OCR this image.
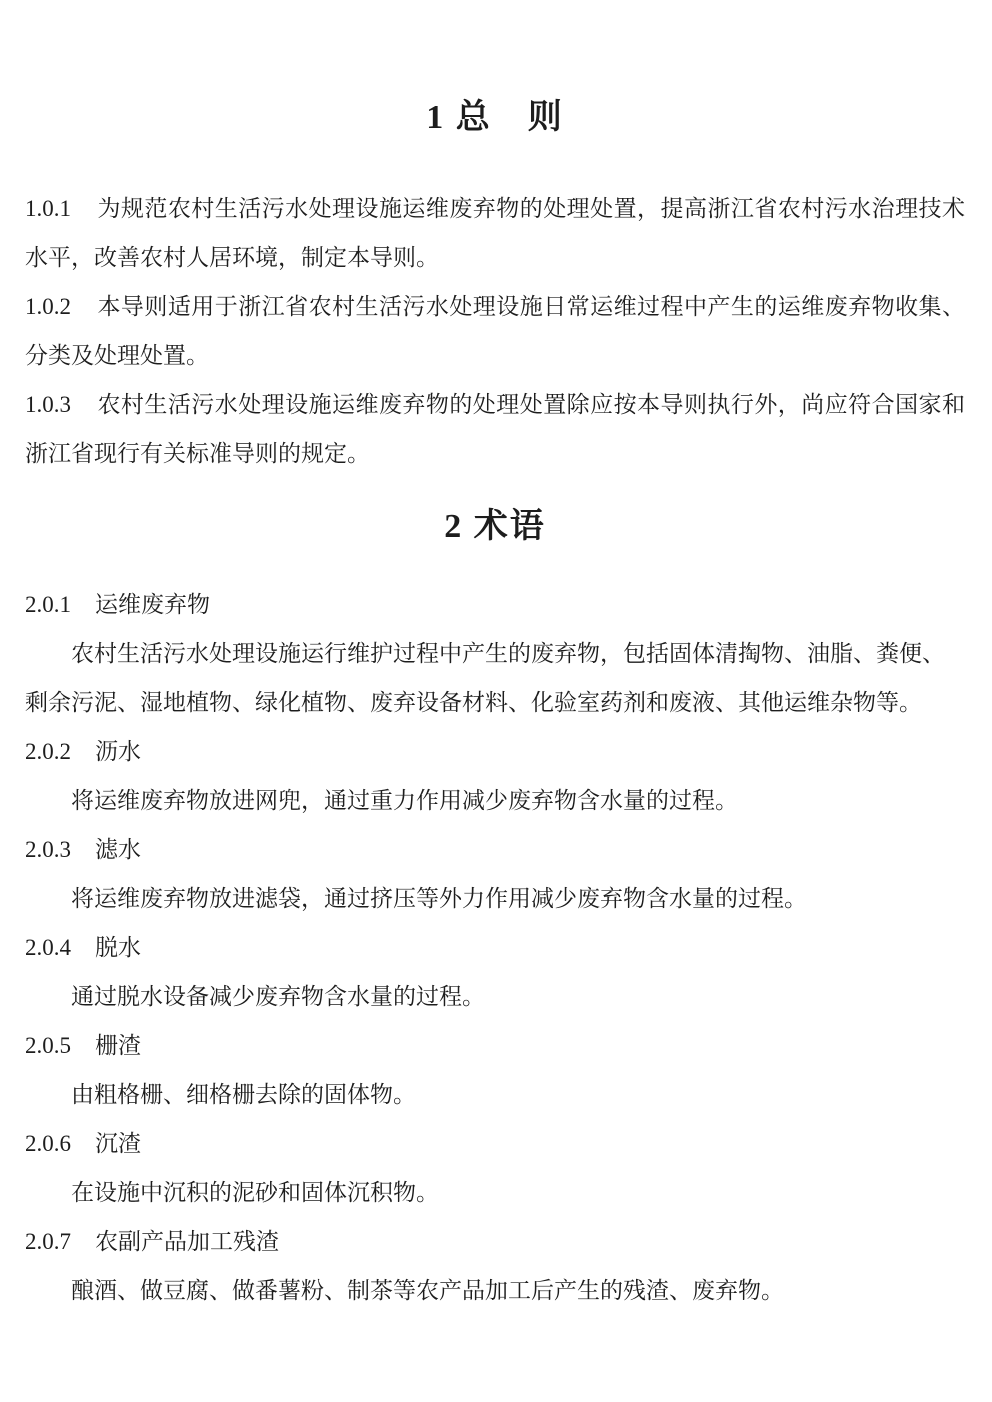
1 总　则

1.0.1 为规范农村生活污水处理设施运维废弃物的处理处置，提高浙江省农村污水治理技术水平，改善农村人居环境，制定本导则。

1.0.2 本导则适用于浙江省农村生活污水处理设施日常运维过程中产生的运维废弃物收集、分类及处理处置。

1.0.3 农村生活污水处理设施运维废弃物的处理处置除应按本导则执行外，尚应符合国家和浙江省现行有关标准导则的规定。

2 术语

2.0.1 运维废弃物

农村生活污水处理设施运行维护过程中产生的废弃物，包括固体清掏物、油脂、粪便、剩余污泥、湿地植物、绿化植物、废弃设备材料、化验室药剂和废液、其他运维杂物等。

2.0.2 沥水

将运维废弃物放进网兜，通过重力作用减少废弃物含水量的过程。

2.0.3 滤水

将运维废弃物放进滤袋，通过挤压等外力作用减少废弃物含水量的过程。

2.0.4 脱水

通过脱水设备减少废弃物含水量的过程。

2.0.5 栅渣

由粗格栅、细格栅去除的固体物。

2.0.6 沉渣

在设施中沉积的泥砂和固体沉积物。

2.0.7 农副产品加工残渣

酿酒、做豆腐、做番薯粉、制茶等农产品加工后产生的残渣、废弃物。
